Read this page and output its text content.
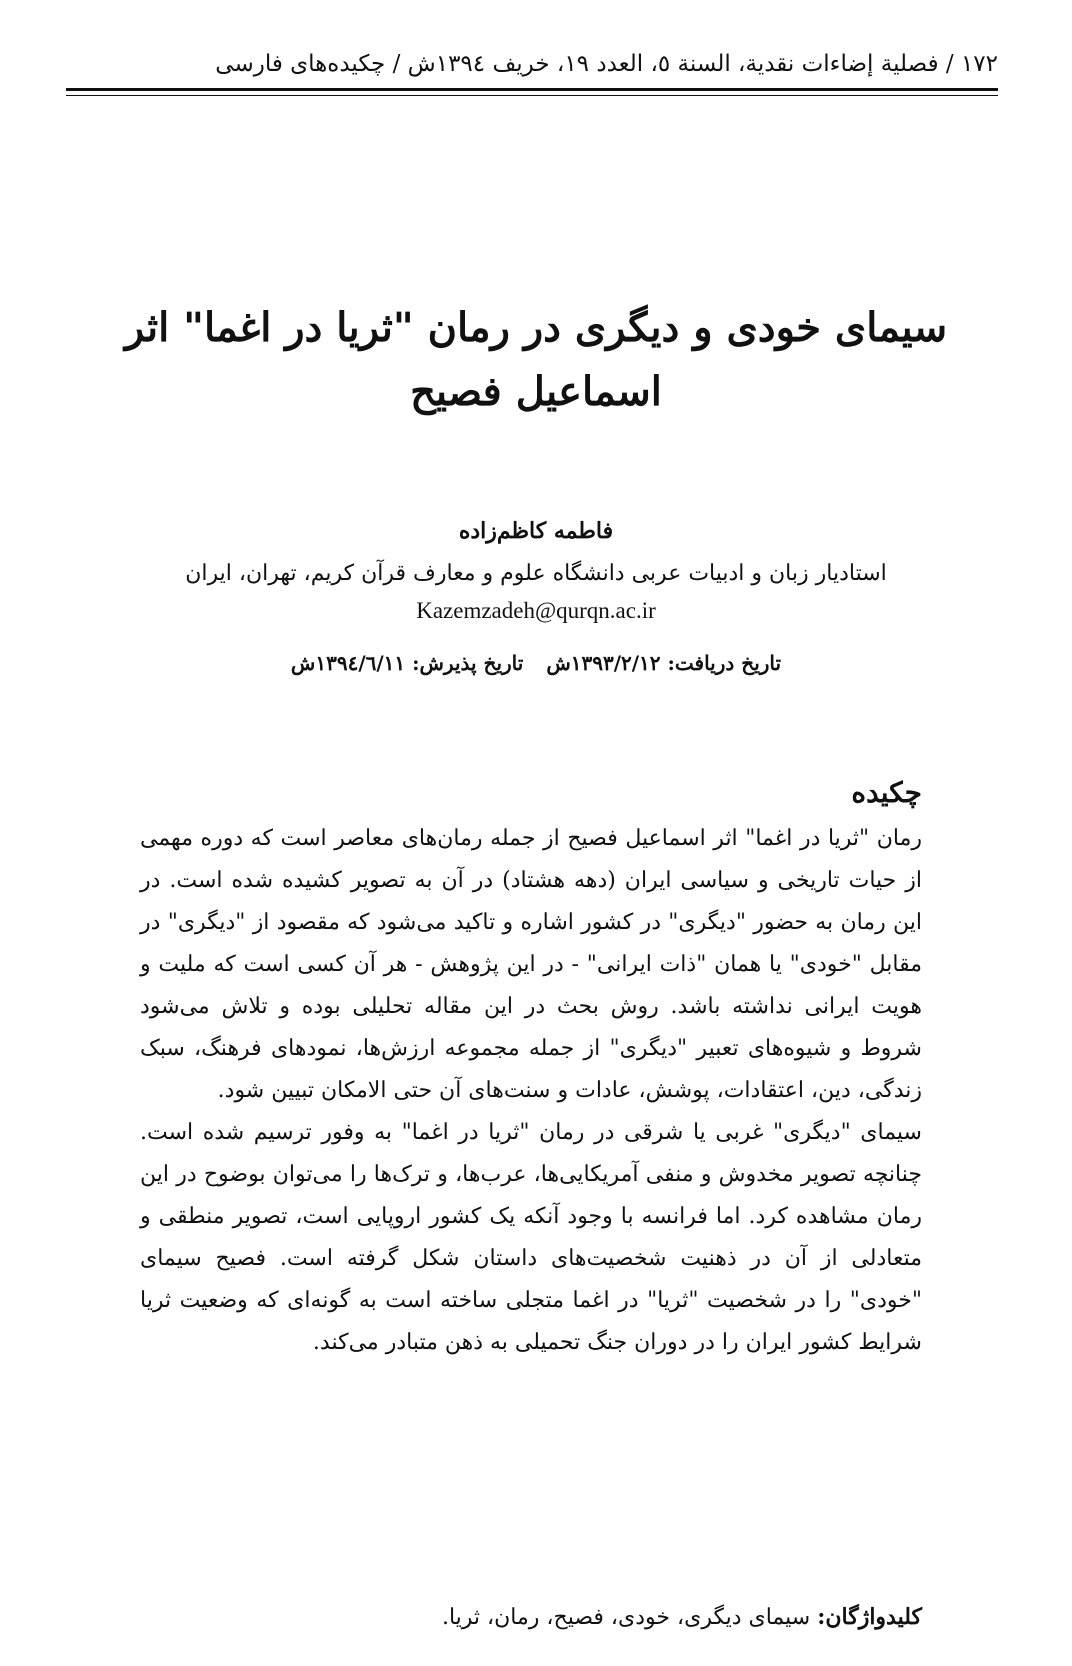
١٧٢ / فصلية إضاءات نقدية، السنة ٥، العدد ١٩، خريف ١٣٩٤ش / چكيده‌هاى فارسى
سیمای خودی و دیگری در رمان "ثریا در اغما" اثر اسماعیل فصیح
فاطمه کاظم‌زاده
استادیار زبان و ادبیات عربی دانشگاه علوم و معارف قرآن کریم، تهران، ایران
Kazemzadeh@qurqn.ac.ir
تاریخ دریافت: ١٣٩٣/٢/١٢ش تاریخ پذیرش: ١٣٩٤/٦/١١ش
چکیده

رمان "ثریا در اغما" اثر اسماعیل فصیح از جمله رمان‌های معاصر است که دوره مهمی از حیات تاریخی و سیاسی ایران (دهه هشتاد) در آن به تصویر کشیده شده است. در این رمان به حضور "دیگری" در کشور اشاره و تاکید می‌شود که مقصود از "دیگری" در مقابل "خودی" یا همان "ذات ایرانی" - در این پژوهش - هر آن کسی است که ملیت و هویت ایرانی نداشته باشد. روش بحث در این مقاله تحلیلی بوده و تلاش می‌شود شروط و شیوه‌های تعبیر "دیگری" از جمله مجموعه ارزش‌ها، نمودهای فرهنگ، سبک زندگی، دین، اعتقادات، پوشش، عادات و سنت‌های آن حتی الامکان تبیین شود.

سیمای "دیگری" غربی یا شرقی در رمان "ثریا در اغما" به وفور ترسیم شده است. چنانچه تصویر مخدوش و منفی آمریکایی‌ها، عرب‌ها، و ترک‌ها را می‌توان بوضوح در این رمان مشاهده کرد. اما فرانسه با وجود آنکه یک کشور اروپایی است، تصویر منطقی و متعادلی از آن در ذهنیت شخصیت‌های داستان شکل گرفته است. فصیح سیمای "خودی" را در شخصیت "ثریا" در اغما متجلی ساخته است به گونه‌ای که وضعیت ثریا شرایط کشور ایران را در دوران جنگ تحمیلی به ذهن متبادر می‌کند.

کلیدواژگان: سیمای دیگری، خودی، فصیح، رمان، ثریا.
